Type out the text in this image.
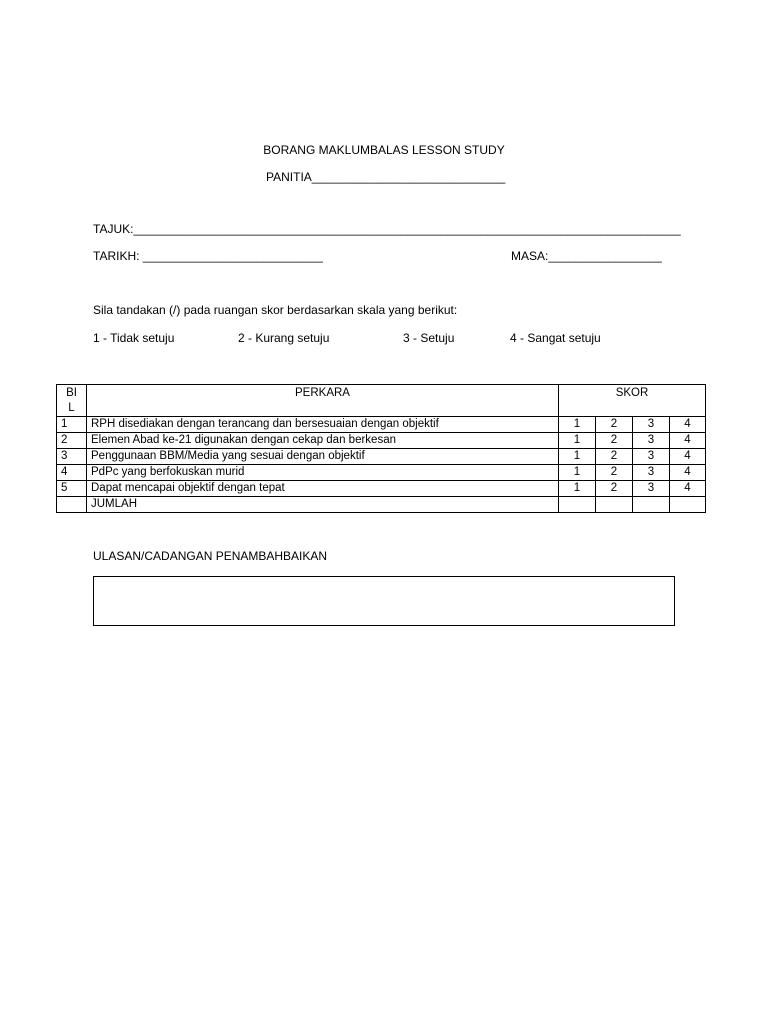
BORANG MAKLUMBALAS LESSON STUDY
PANITIA_____________________________
TAJUK:__________________________________________________________________________________
TARIKH: ___________________________	MASA:_________________
Sila tandakan (/) pada ruangan skor berdasarkan skala yang berikut:
1 - Tidak setuju	2 - Kurang setuju	3 - Setuju	4 - Sangat setuju
BI
L	PERKARA	SKOR			
1	RPH disediakan dengan terancang dan bersesuaian dengan objektif	1	2	3	4
2	Elemen Abad ke-21 digunakan dengan cekap dan berkesan	1	2	3	4
3	Penggunaan BBM/Media yang sesuai dengan objektif	1	2	3	4
4	PdPc yang berfokuskan murid	1	2	3	4
5	Dapat mencapai objektif dengan tepat	1	2	3	4
	JUMLAH				
ULASAN/CADANGAN PENAMBAHBAIKAN
